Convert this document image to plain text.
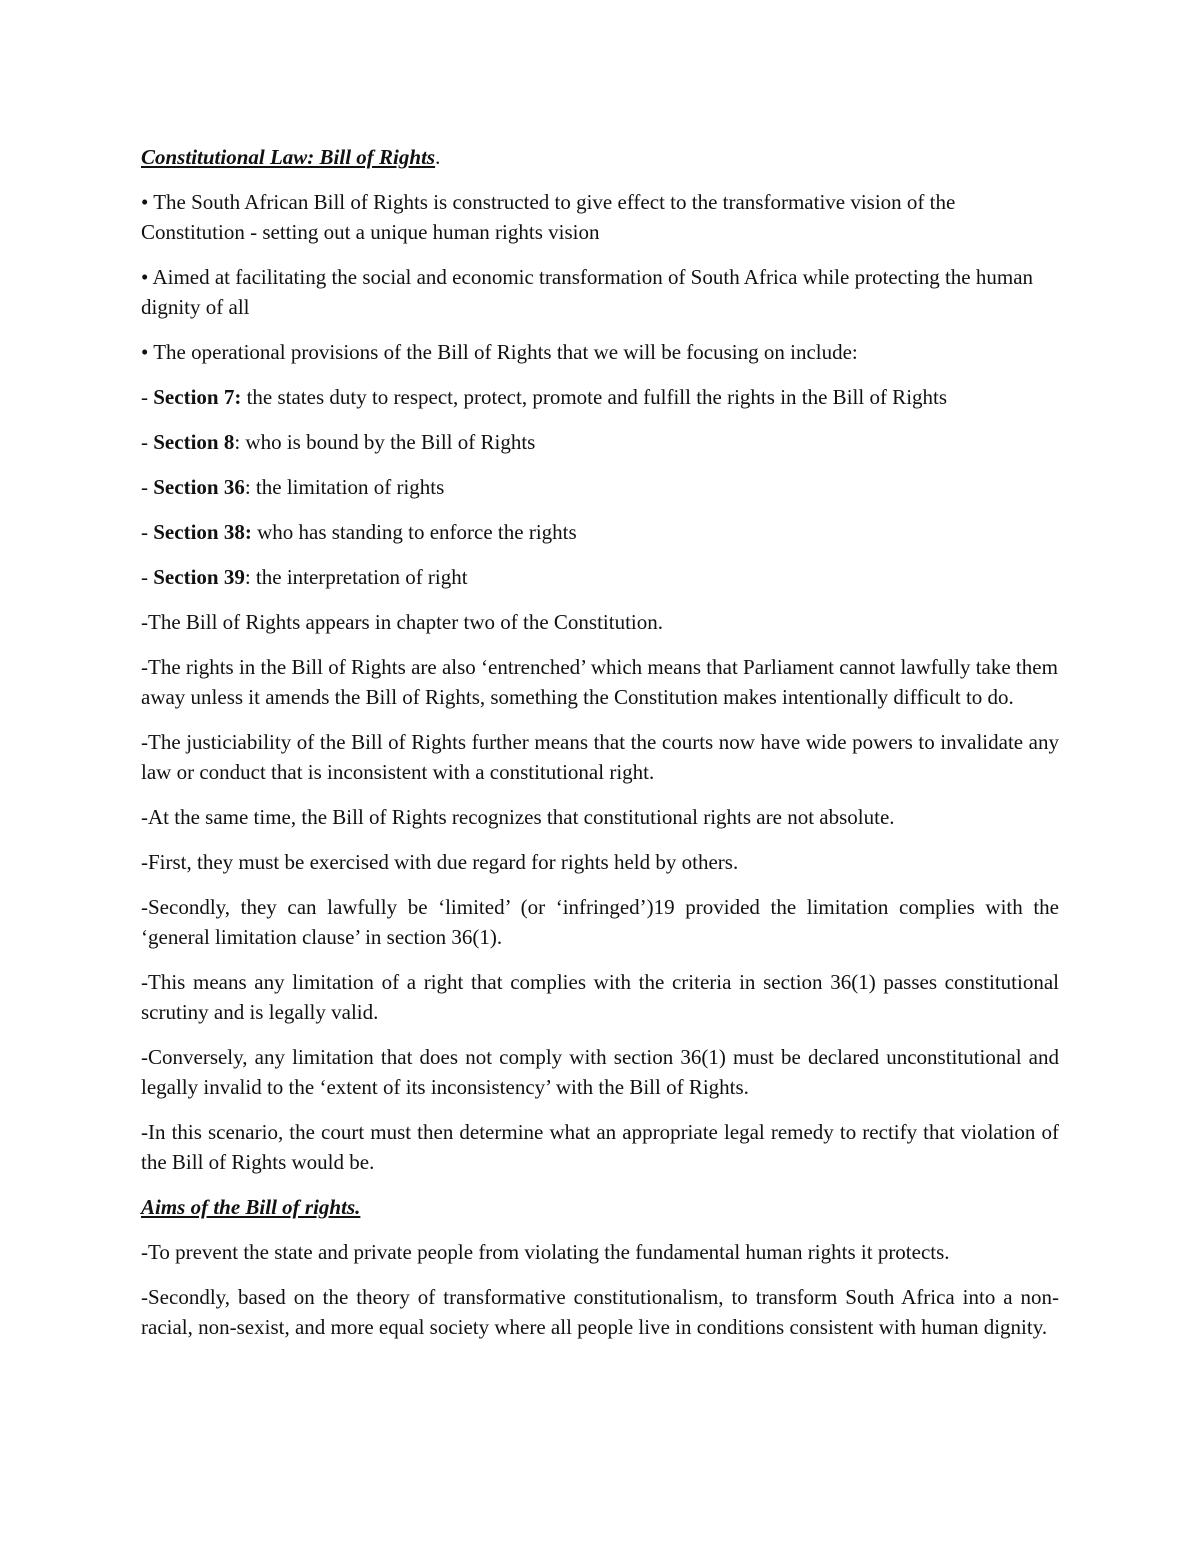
Constitutional Law: Bill of Rights.

• The South African Bill of Rights is constructed to give effect to the transformative vision of the Constitution - setting out a unique human rights vision

• Aimed at facilitating the social and economic transformation of South Africa while protecting the human dignity of all

• The operational provisions of the Bill of Rights that we will be focusing on include:

- Section 7: the states duty to respect, protect, promote and fulfill the rights in the Bill of Rights

- Section 8: who is bound by the Bill of Rights

- Section 36: the limitation of rights

- Section 38: who has standing to enforce the rights

- Section 39: the interpretation of right

-The Bill of Rights appears in chapter two of the Constitution.

-The rights in the Bill of Rights are also ‘entrenched’ which means that Parliament cannot lawfully take them away unless it amends the Bill of Rights, something the Constitution makes intentionally difficult to do.

-The justiciability of the Bill of Rights further means that the courts now have wide powers to invalidate any law or conduct that is inconsistent with a constitutional right.

-At the same time, the Bill of Rights recognizes that constitutional rights are not absolute.

-First, they must be exercised with due regard for rights held by others.

-Secondly, they can lawfully be ‘limited’ (or ‘infringed’)19 provided the limitation complies with the ‘general limitation clause’ in section 36(1).

-This means any limitation of a right that complies with the criteria in section 36(1) passes constitutional scrutiny and is legally valid.

-Conversely, any limitation that does not comply with section 36(1) must be declared unconstitutional and legally invalid to the ‘extent of its inconsistency’ with the Bill of Rights.

-In this scenario, the court must then determine what an appropriate legal remedy to rectify that violation of the Bill of Rights would be.

Aims of the Bill of rights.

-To prevent the state and private people from violating the fundamental human rights it protects.

-Secondly, based on the theory of transformative constitutionalism, to transform South Africa into a non-racial, non-sexist, and more equal society where all people live in conditions consistent with human dignity.
